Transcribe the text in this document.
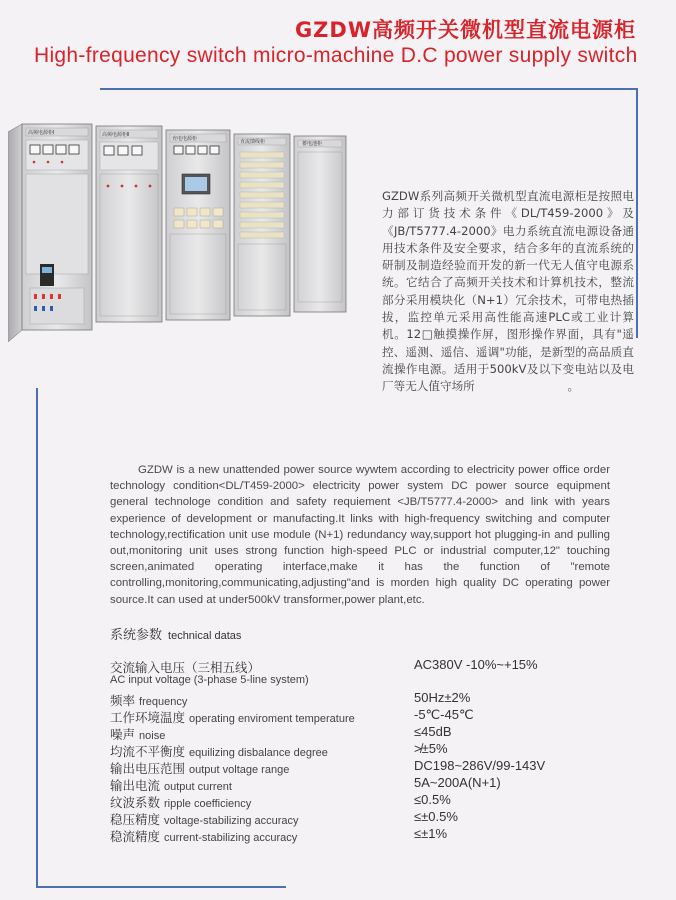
GZDW高频开关微机型直流电源柜
High-frequency switch micro-machine D.C power supply switch
高频电源柜Ⅰ	高频电源柜Ⅱ
充电电源柜	直流馈线柜	蓄电池柜
GZDW系列高频开关微机型直流电源柜是按照电力部订货技术条件《DL/T459-2000》及《JB/T5777.4-2000》电力系统直流电源设备通用技术条件及安全要求，结合多年的直流系统的研制及制造经验而开发的新一代无人值守电源系统。它结合了高频开关技术和计算机技术，整流部分采用模块化（N+1）冗余技术，可带电热插拔，监控单元采用高性能高速PLC或工业计算机。12□触摸操作屏，图形操作界面，具有"遥控、遥测、遥信、遥调"功能，是新型的高品质直流操作电源。适用于500kV及以下变电站以及电厂等无人值守场所　　　　　　　　。
GZDW is a new unattended power source wywtem according to electricity power office order technology condition<DL/T459-2000> electricity power system DC power source equipment general technologe condition and safety requiement <JB/T5777.4-2000> and link with years experience of development or manufacting.It links with high-frequency switching and computer technology,rectification unit use module (N+1) redundancy way,support hot plugging-in and pulling out,monitoring unit uses strong function high-speed PLC or industrial computer,12" touching screen,animated operating interface,make it has the function of "remote controlling,monitoring,communicating,adjusting"and is morden high quality DC operating power source.It can used at under500kV transformer,power plant,etc.
系统参数 technical datas
交流输入电压（三相五线）	AC380V -10%~+15%
AC input voltage (3-phase 5-line system)
频率 frequency	50Hz±2%
工作环境温度 operating enviroment temperature	-5℃-45℃
噪声 noise	≤45dB
均流不平衡度 equilizing disbalance degree	≯±5%
输出电压范围 output voltage range	DC198~286V/99-143V
输出电流 output current	5A~200A(N+1)
纹波系数 ripple coefficiency	≤0.5%
稳压精度 voltage-stabilizing accuracy	≤±0.5%
稳流精度 current-stabilizing accuracy	≤±1%
